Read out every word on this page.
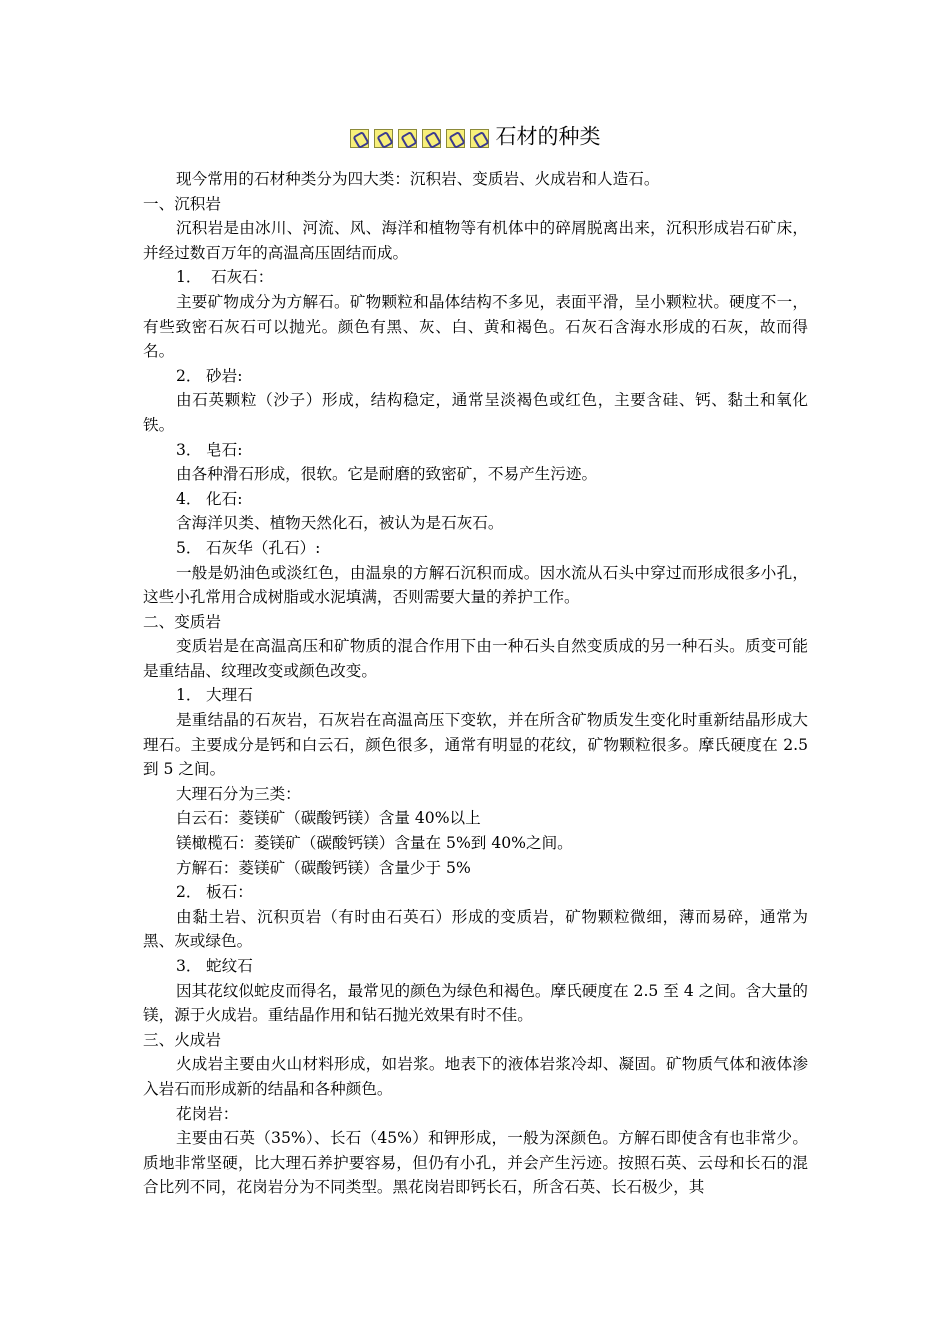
石材的种类

现今常用的石材种类分为四大类：沉积岩、变质岩、火成岩和人造石。

一、沉积岩

沉积岩是由冰川、河流、风、海洋和植物等有机体中的碎屑脱离出来，沉积形成岩石矿床，并经过数百万年的高温高压固结而成。

1． 石灰石：

主要矿物成分为方解石。矿物颗粒和晶体结构不多见，表面平滑，呈小颗粒状。硬度不一，有些致密石灰石可以抛光。颜色有黑、灰、白、黄和褐色。石灰石含海水形成的石灰，故而得名。

2． 砂岩:

由石英颗粒（沙子）形成，结构稳定，通常呈淡褐色或红色，主要含硅、钙、黏土和氧化铁。

3． 皂石:

由各种滑石形成，很软。它是耐磨的致密矿，不易产生污迹。

4． 化石:

含海洋贝类、植物天然化石，被认为是石灰石。

5． 石灰华（孔石）:

一般是奶油色或淡红色，由温泉的方解石沉积而成。因水流从石头中穿过而形成很多小孔，这些小孔常用合成树脂或水泥填满，否则需要大量的养护工作。

二、变质岩

变质岩是在高温高压和矿物质的混合作用下由一种石头自然变质成的另一种石头。质变可能是重结晶、纹理改变或颜色改变。

1． 大理石

是重结晶的石灰岩，石灰岩在高温高压下变软，并在所含矿物质发生变化时重新结晶形成大理石。主要成分是钙和白云石，颜色很多，通常有明显的花纹，矿物颗粒很多。摩氏硬度在 2.5 到 5 之间。

大理石分为三类：

白云石：菱镁矿（碳酸钙镁）含量 40%以上

镁橄榄石：菱镁矿（碳酸钙镁）含量在 5%到 40%之间。

方解石：菱镁矿（碳酸钙镁）含量少于 5%

2． 板石：

由黏土岩、沉积页岩（有时由石英石）形成的变质岩，矿物颗粒微细，薄而易碎，通常为黑、灰或绿色。

3． 蛇纹石

因其花纹似蛇皮而得名，最常见的颜色为绿色和褐色。摩氏硬度在 2.5 至 4 之间。含大量的镁，源于火成岩。重结晶作用和钻石抛光效果有时不佳。

三、火成岩

火成岩主要由火山材料形成，如岩浆。地表下的液体岩浆冷却、凝固。矿物质气体和液体渗入岩石而形成新的结晶和各种颜色。

花岗岩：

主要由石英（35%）、长石（45%）和钾形成，一般为深颜色。方解石即使含有也非常少。质地非常坚硬，比大理石养护要容易，但仍有小孔，并会产生污迹。按照石英、云母和长石的混合比列不同，花岗岩分为不同类型。黑花岗岩即钙长石，所含石英、长石极少，其
